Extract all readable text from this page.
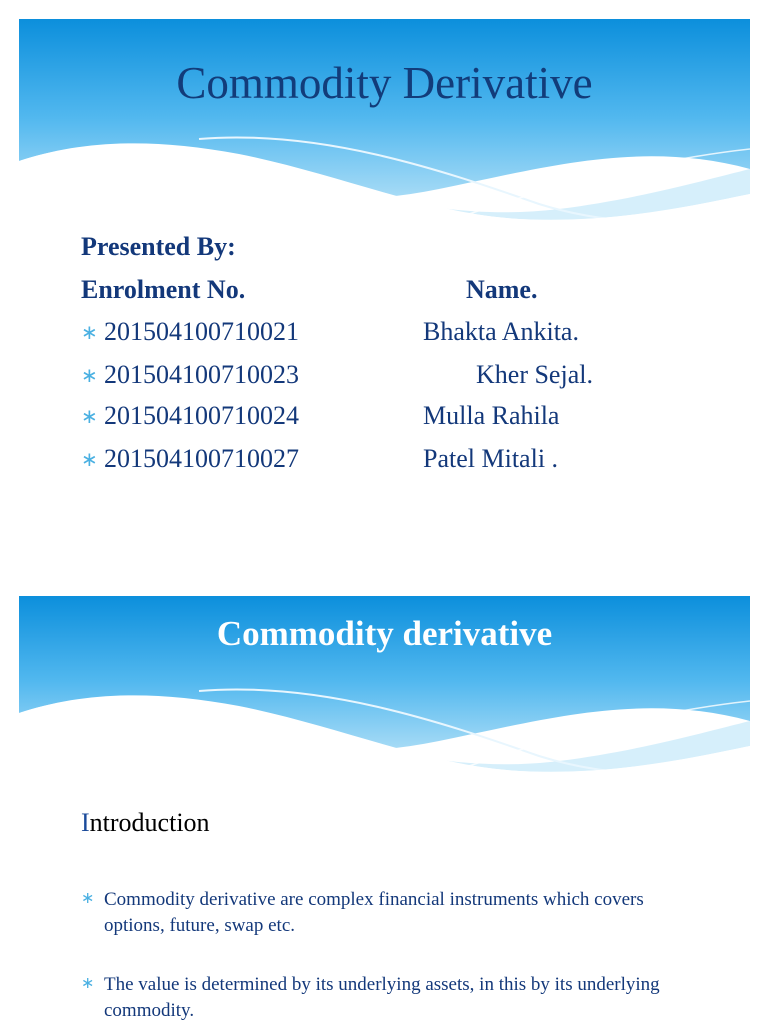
Commodity Derivative
Presented By:
Enrolment No.	Name.
∗ 201504100710021	Bhakta Ankita.
∗ 201504100710023	Kher Sejal.
∗ 201504100710024	Mulla Rahila
∗ 201504100710027	Patel Mitali .
Commodity derivative
Introduction
∗ Commodity derivative are complex financial instruments which covers options, future, swap etc.
∗ The value is determined by its underlying assets, in this by its underlying commodity.
